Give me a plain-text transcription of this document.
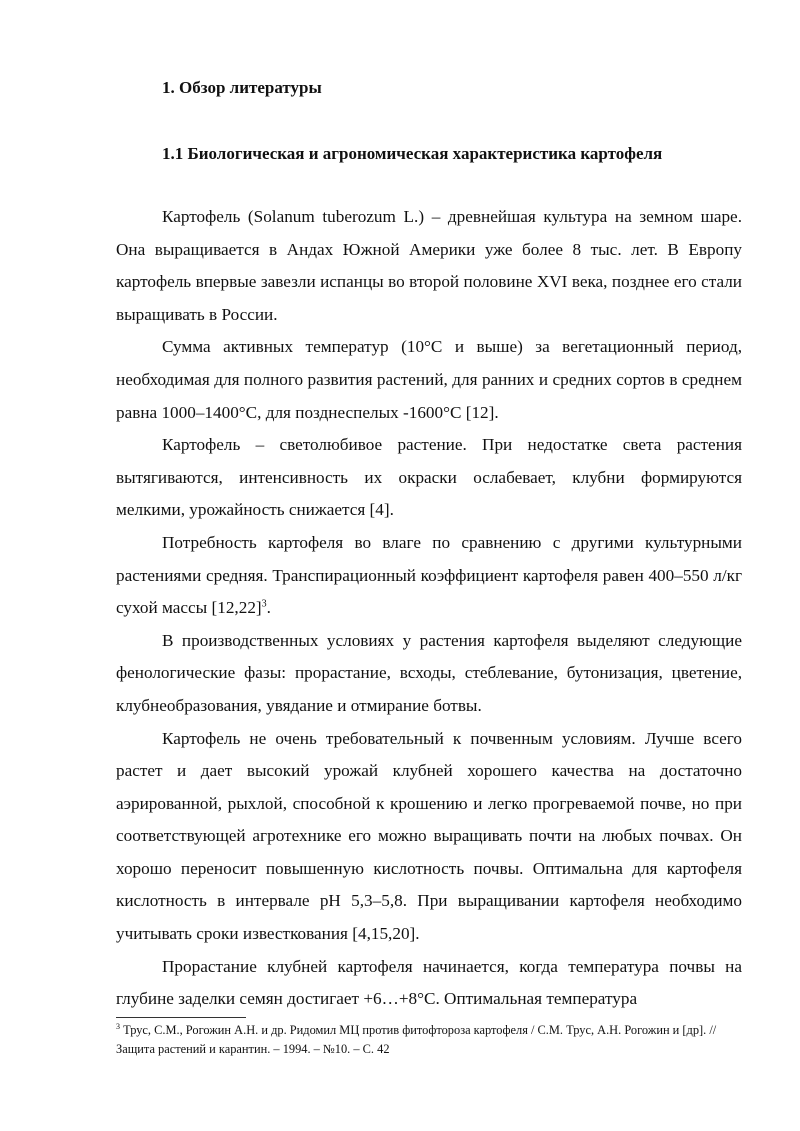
1. Обзор литературы
1.1 Биологическая и агрономическая характеристика картофеля

Картофель (Solanum tuberozum L.) – древнейшая культура на земном шаре. Она выращивается в Андах Южной Америки уже более 8 тыс. лет. В Европу картофель впервые завезли испанцы во второй половине XVI века, позднее его стали выращивать в России.

Сумма активных температур (10°С и выше) за вегетационный период, необходимая для полного развития растений, для ранних и средних сортов в среднем равна 1000–1400°С, для позднеспелых -1600°С [12].

Картофель – светолюбивое растение. При недостатке света растения вытягиваются, интенсивность их окраски ослабевает, клубни формируются мелкими, урожайность снижается [4].

Потребность картофеля во влаге по сравнению с другими культурными растениями средняя. Транспирационный коэффициент картофеля равен 400–550 л/кг сухой массы [12,22]$^3$.

В производственных условиях у растения картофеля выделяют следующие фенологические фазы: прорастание, всходы, стеблевание, бутонизация, цветение, клубнеобразования, увядание и отмирание ботвы.

Картофель не очень требовательный к почвенным условиям. Лучше всего растет и дает высокий урожай клубней хорошего качества на достаточно аэрированной, рыхлой, способной к крошению и легко прогреваемой почве, но при соответствующей агротехнике его можно выращивать почти на любых почвах. Он хорошо переносит повышенную кислотность почвы. Оптимальна для картофеля кислотность в интервале pH 5,3–5,8. При выращивании картофеля необходимо учитывать сроки известкования [4,15,20].

Прорастание клубней картофеля начинается, когда температура почвы на глубине заделки семян достигает +6…+8°С. Оптимальная температура

$^3$ Трус, С.М., Рогожин А.Н. и др. Ридомил МЦ против фитофтороза картофеля / С.М. Трус, А.Н. Рогожин и [др]. // Защита растений и карантин. – 1994. – №10. – С. 42
